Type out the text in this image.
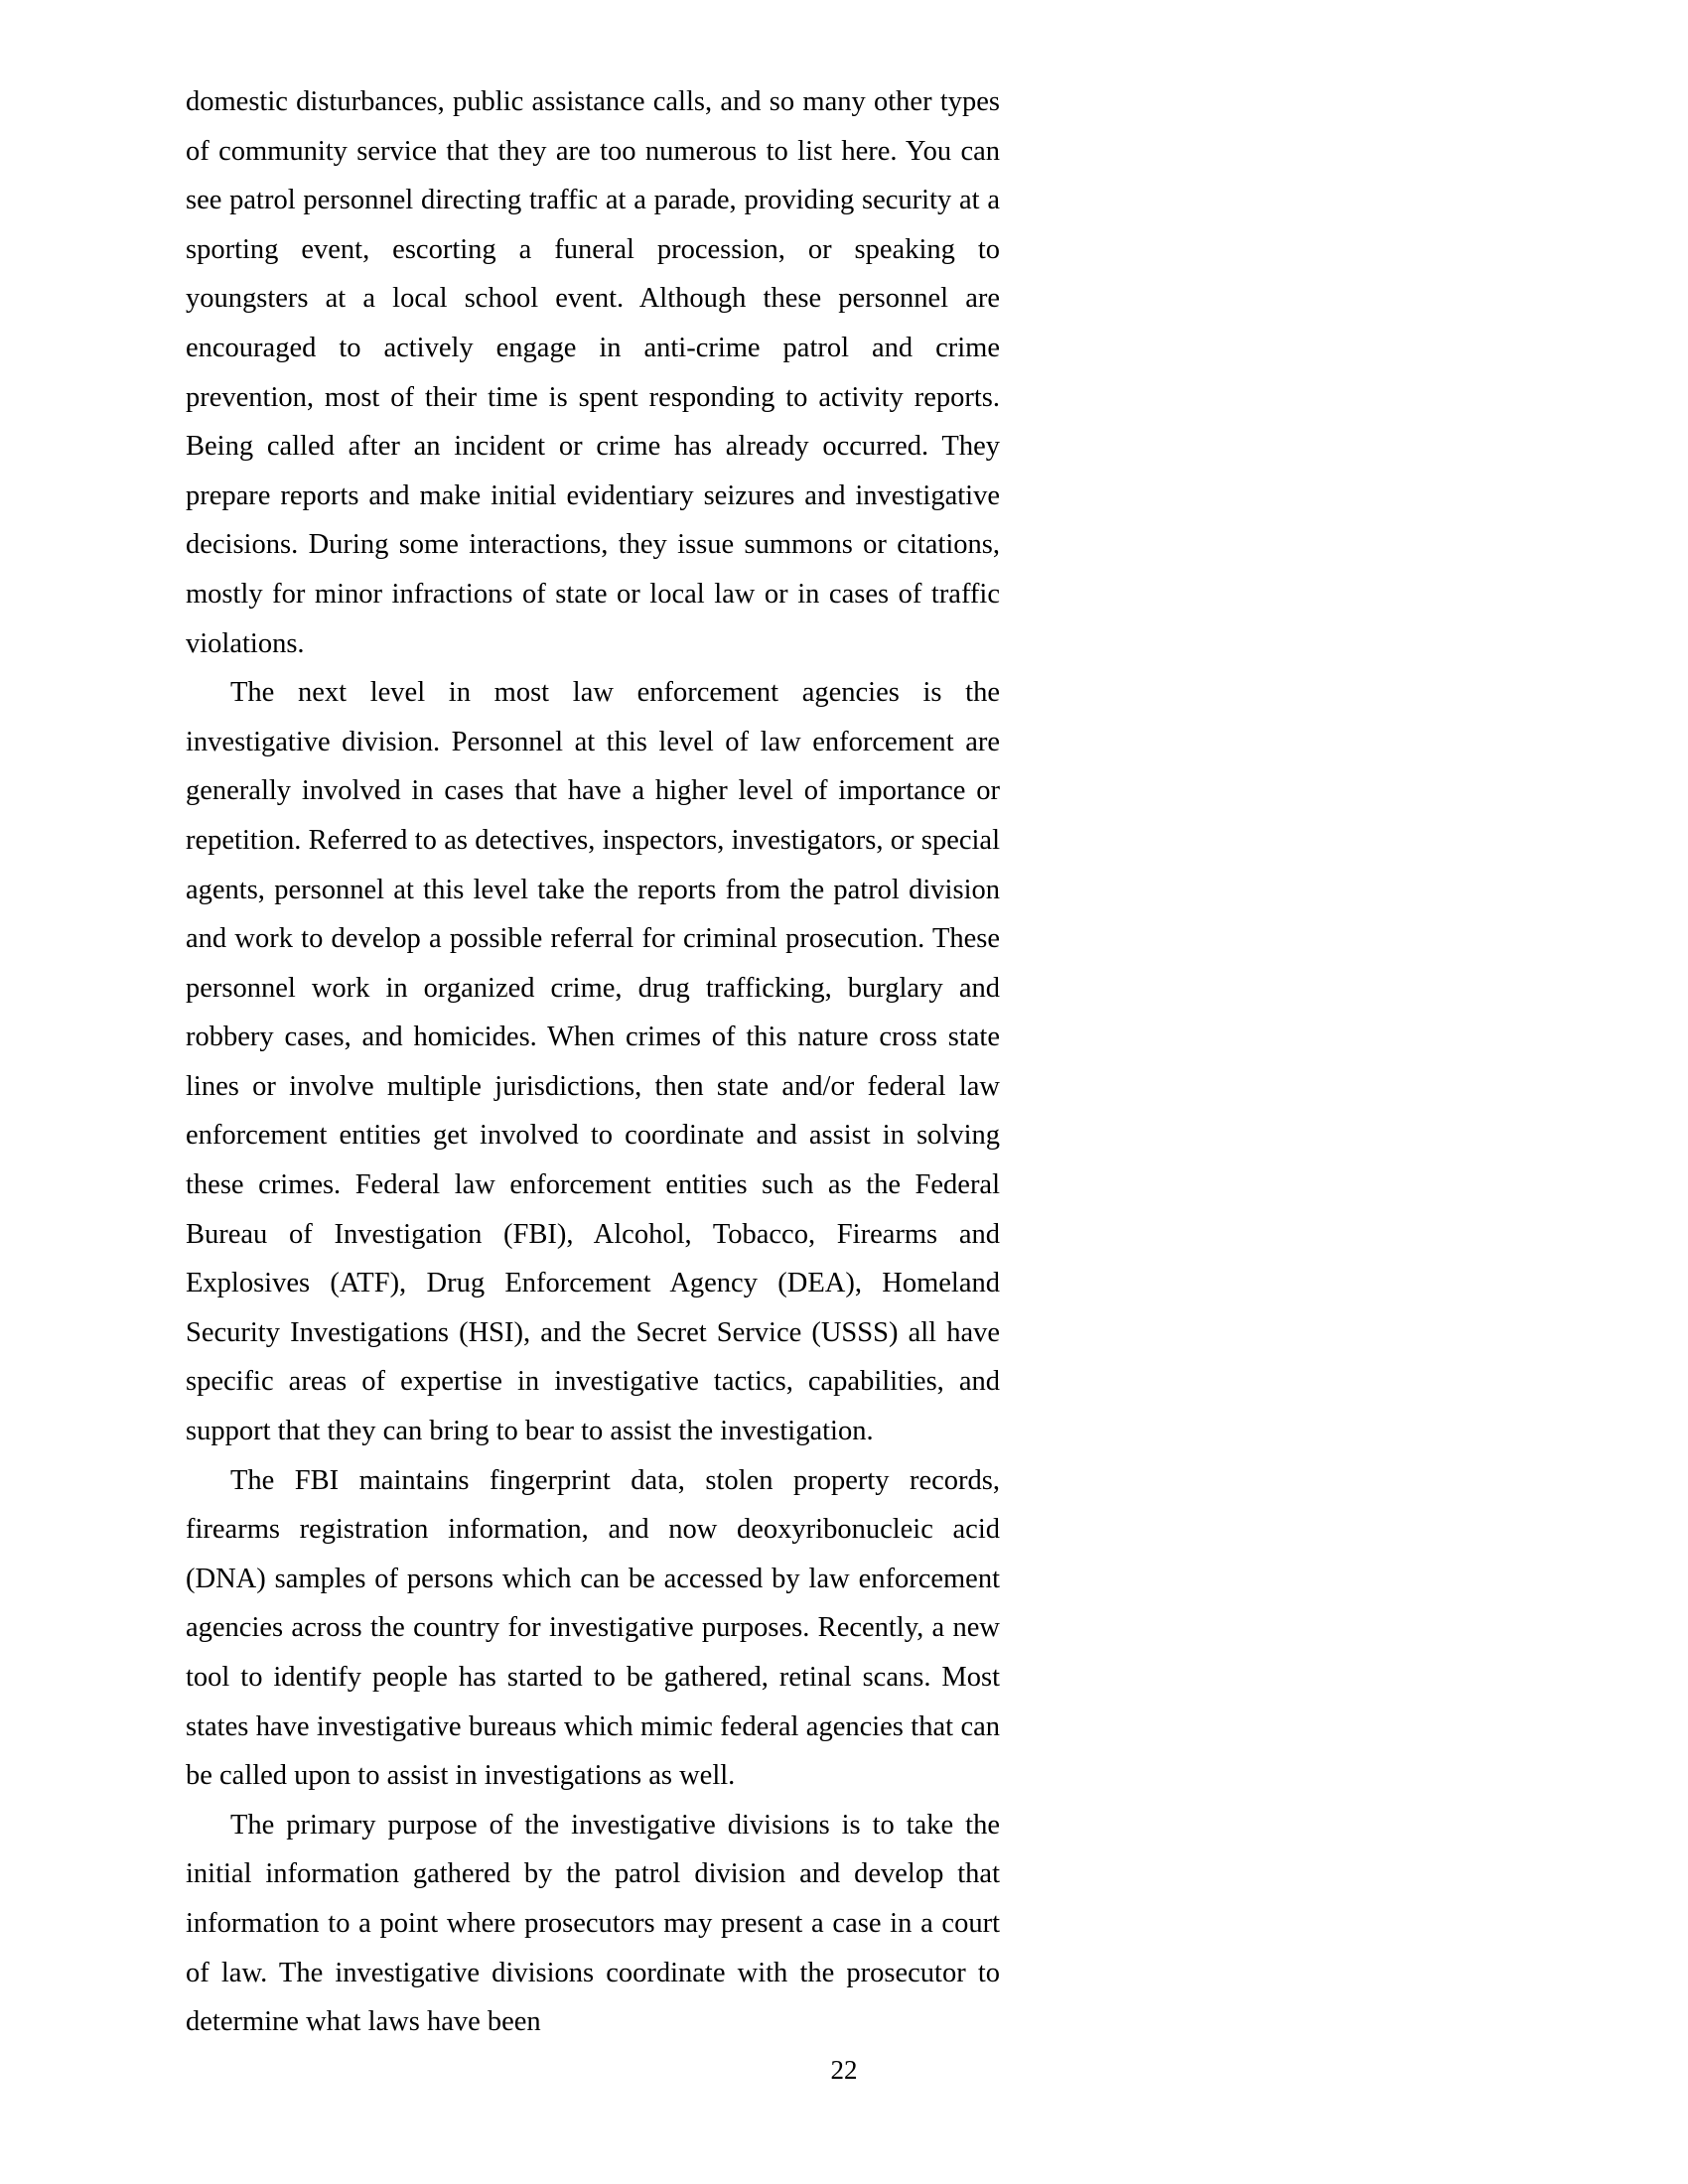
domestic disturbances, public assistance calls, and so many other types of community service that they are too numerous to list here. You can see patrol personnel directing traffic at a parade, providing security at a sporting event, escorting a funeral procession, or speaking to youngsters at a local school event. Although these personnel are encouraged to actively engage in anti-crime patrol and crime prevention, most of their time is spent responding to activity reports. Being called after an incident or crime has already occurred. They prepare reports and make initial evidentiary seizures and investigative decisions. During some interactions, they issue summons or citations, mostly for minor infractions of state or local law or in cases of traffic violations.

The next level in most law enforcement agencies is the investigative division. Personnel at this level of law enforcement are generally involved in cases that have a higher level of importance or repetition. Referred to as detectives, inspectors, investigators, or special agents, personnel at this level take the reports from the patrol division and work to develop a possible referral for criminal prosecution. These personnel work in organized crime, drug trafficking, burglary and robbery cases, and homicides. When crimes of this nature cross state lines or involve multiple jurisdictions, then state and/or federal law enforcement entities get involved to coordinate and assist in solving these crimes. Federal law enforcement entities such as the Federal Bureau of Investigation (FBI), Alcohol, Tobacco, Firearms and Explosives (ATF), Drug Enforcement Agency (DEA), Homeland Security Investigations (HSI), and the Secret Service (USSS) all have specific areas of expertise in investigative tactics, capabilities, and support that they can bring to bear to assist the investigation.

The FBI maintains fingerprint data, stolen property records, firearms registration information, and now deoxyribonucleic acid (DNA) samples of persons which can be accessed by law enforcement agencies across the country for investigative purposes. Recently, a new tool to identify people has started to be gathered, retinal scans. Most states have investigative bureaus which mimic federal agencies that can be called upon to assist in investigations as well.

The primary purpose of the investigative divisions is to take the initial information gathered by the patrol division and develop that information to a point where prosecutors may present a case in a court of law. The investigative divisions coordinate with the prosecutor to determine what laws have been

22
